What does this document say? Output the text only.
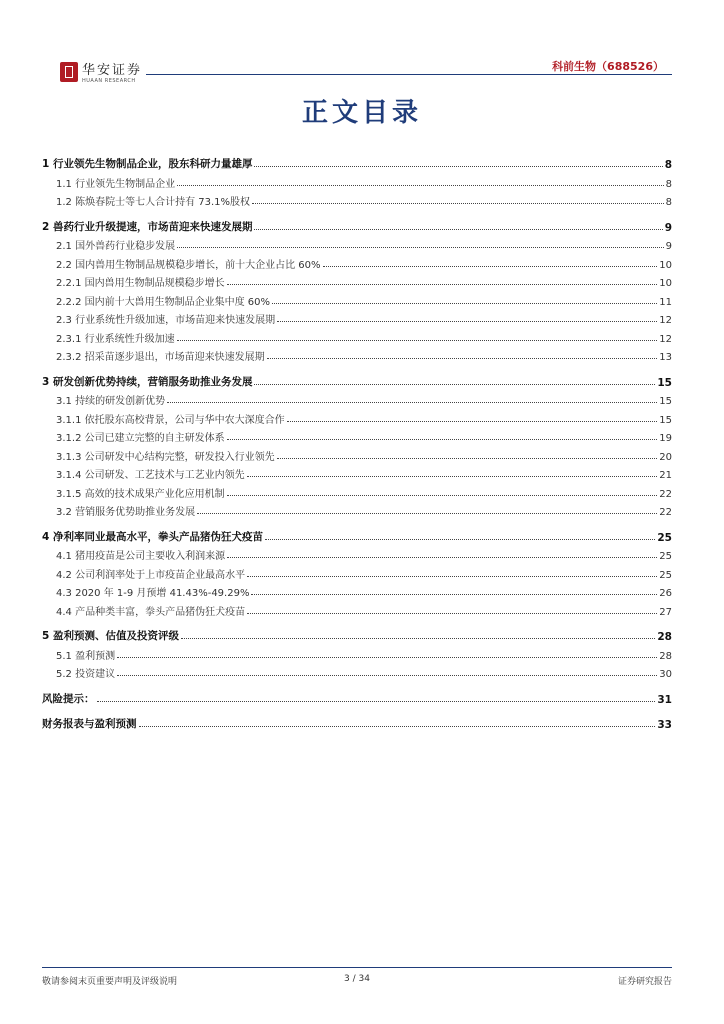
华安证券
HUAAN RESEARCH
科前生物（688526）
正文目录
1 行业领先生物制品企业，股东科研力量雄厚	8
1.1 行业领先生物制品企业	8
1.2 陈焕春院士等七人合计持有 73.1%股权	8
2 兽药行业升级提速，市场苗迎来快速发展期	9
2.1 国外兽药行业稳步发展	9
2.2 国内兽用生物制品规模稳步增长，前十大企业占比 60%	10
2.2.1 国内兽用生物制品规模稳步增长	10
2.2.2 国内前十大兽用生物制品企业集中度 60%	11
2.3 行业系统性升级加速，市场苗迎来快速发展期	12
2.3.1 行业系统性升级加速	12
2.3.2 招采苗逐步退出，市场苗迎来快速发展期	13
3 研发创新优势持续，营销服务助推业务发展	15
3.1 持续的研发创新优势	15
3.1.1 依托股东高校背景，公司与华中农大深度合作	15
3.1.2 公司已建立完整的自主研发体系	19
3.1.3 公司研发中心结构完整，研发投入行业领先	20
3.1.4 公司研发、工艺技术与工艺业内领先	21
3.1.5 高效的技术成果产业化应用机制	22
3.2 营销服务优势助推业务发展	22
4 净利率同业最高水平，拳头产品猪伪狂犬疫苗	25
4.1 猪用疫苗是公司主要收入利润来源	25
4.2 公司利润率处于上市疫苗企业最高水平	25
4.3 2020 年 1-9 月预增 41.43%-49.29%	26
4.4 产品种类丰富，拳头产品猪伪狂犬疫苗	27
5 盈利预测、估值及投资评级	28
5.1 盈利预测	28
5.2 投资建议	30
风险提示：	31
财务报表与盈利预测	33
敬请参阅末页重要声明及评级说明	3 / 34	证券研究报告
